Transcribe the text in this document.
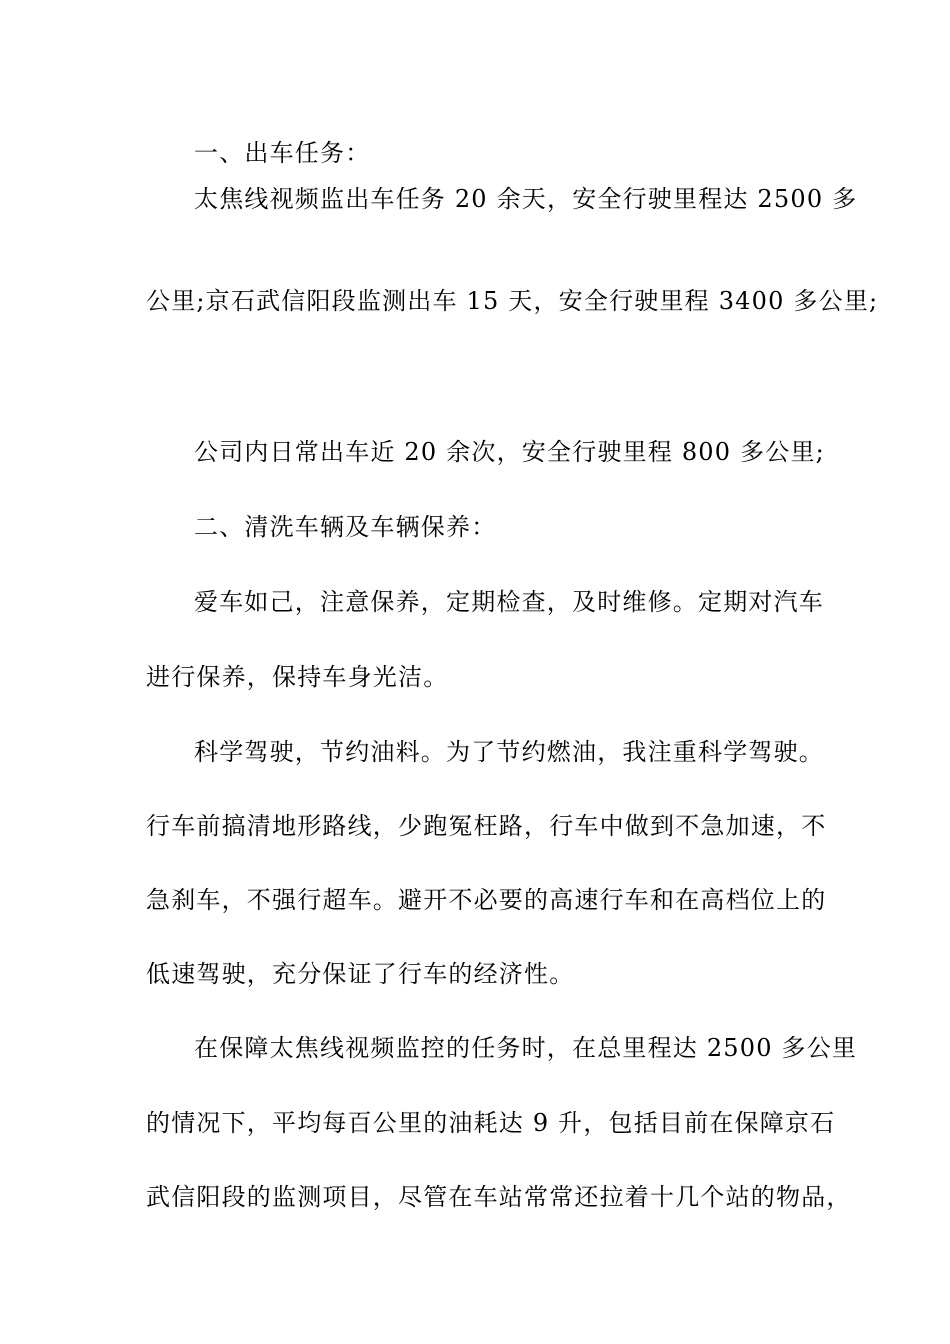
一、出车任务：
太焦线视频监出车任务 20 余天，安全行驶里程达 2500 多
公里;京石武信阳段监测出车 15 天，安全行驶里程 3400 多公里;
公司内日常出车近 20 余次，安全行驶里程 800 多公里;
二、清洗车辆及车辆保养：
爱车如己，注意保养，定期检查，及时维修。定期对汽车
进行保养，保持车身光洁。
科学驾驶，节约油料。为了节约燃油，我注重科学驾驶。
行车前搞清地形路线，少跑冤枉路，行车中做到不急加速，不
急刹车，不强行超车。避开不必要的高速行车和在高档位上的
低速驾驶，充分保证了行车的经济性。
在保障太焦线视频监控的任务时，在总里程达 2500 多公里
的情况下，平均每百公里的油耗达 9 升，包括目前在保障京石
武信阳段的监测项目，尽管在车站常常还拉着十几个站的物品，
